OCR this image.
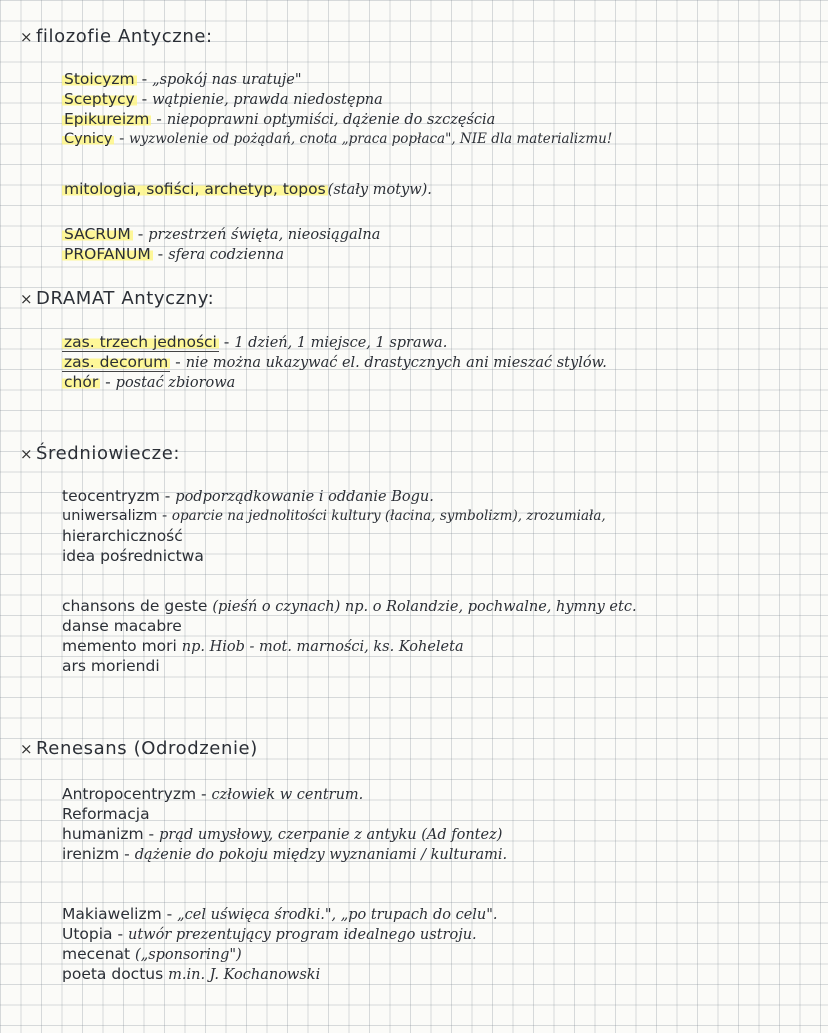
× filozofie Antyczne:
Stoicyzm - „spokój nas uratuje"
Sceptycy - wątpienie, prawda niedostępna
Epikureizm - niepoprawni optymiści, dążenie do szczęścia
Cynicy - wyzwolenie od pożądań, cnota „praca popłaca", NIE dla materializmu!
mitologia, sofiści, archetyp, topos (stały motyw).
SACRUM - przestrzeń święta, nieosiągalna
PROFANUM - sfera codzienna
× DRAMAT Antyczny:
zas. trzech jedności - 1 dzień, 1 miejsce, 1 sprawa.
zas. decorum - nie można ukazywać el. drastycznych ani mieszać stylów.
chór - postać zbiorowa
× Średniowiecze:
teocentryzm - podporządkowanie i oddanie Bogu.
uniwersalizm - oparcie na jednolitości kultury (łacina, symbolizm), zrozumiała,
hierarchiczność
idea pośrednictwa
chansons de geste (pieśń o czynach) np. o Rolandzie, pochwalne, hymny etc.
danse macabre
memento mori np. Hiob - mot. marności, ks. Koheleta
ars moriendi
× Renesans (Odrodzenie)
Antropocentryzm - człowiek w centrum.
Reformacja
humanizm - prąd umysłowy, czerpanie z antyku (Ad fontez)
irenizm - dążenie do pokoju między wyznaniami / kulturami.
Makiawelizm - „cel uświęca środki.", „po trupach do celu".
Utopia - utwór prezentujący program idealnego ustroju.
mecenat („sponsoring")
poeta doctus m.in. J. Kochanowski
